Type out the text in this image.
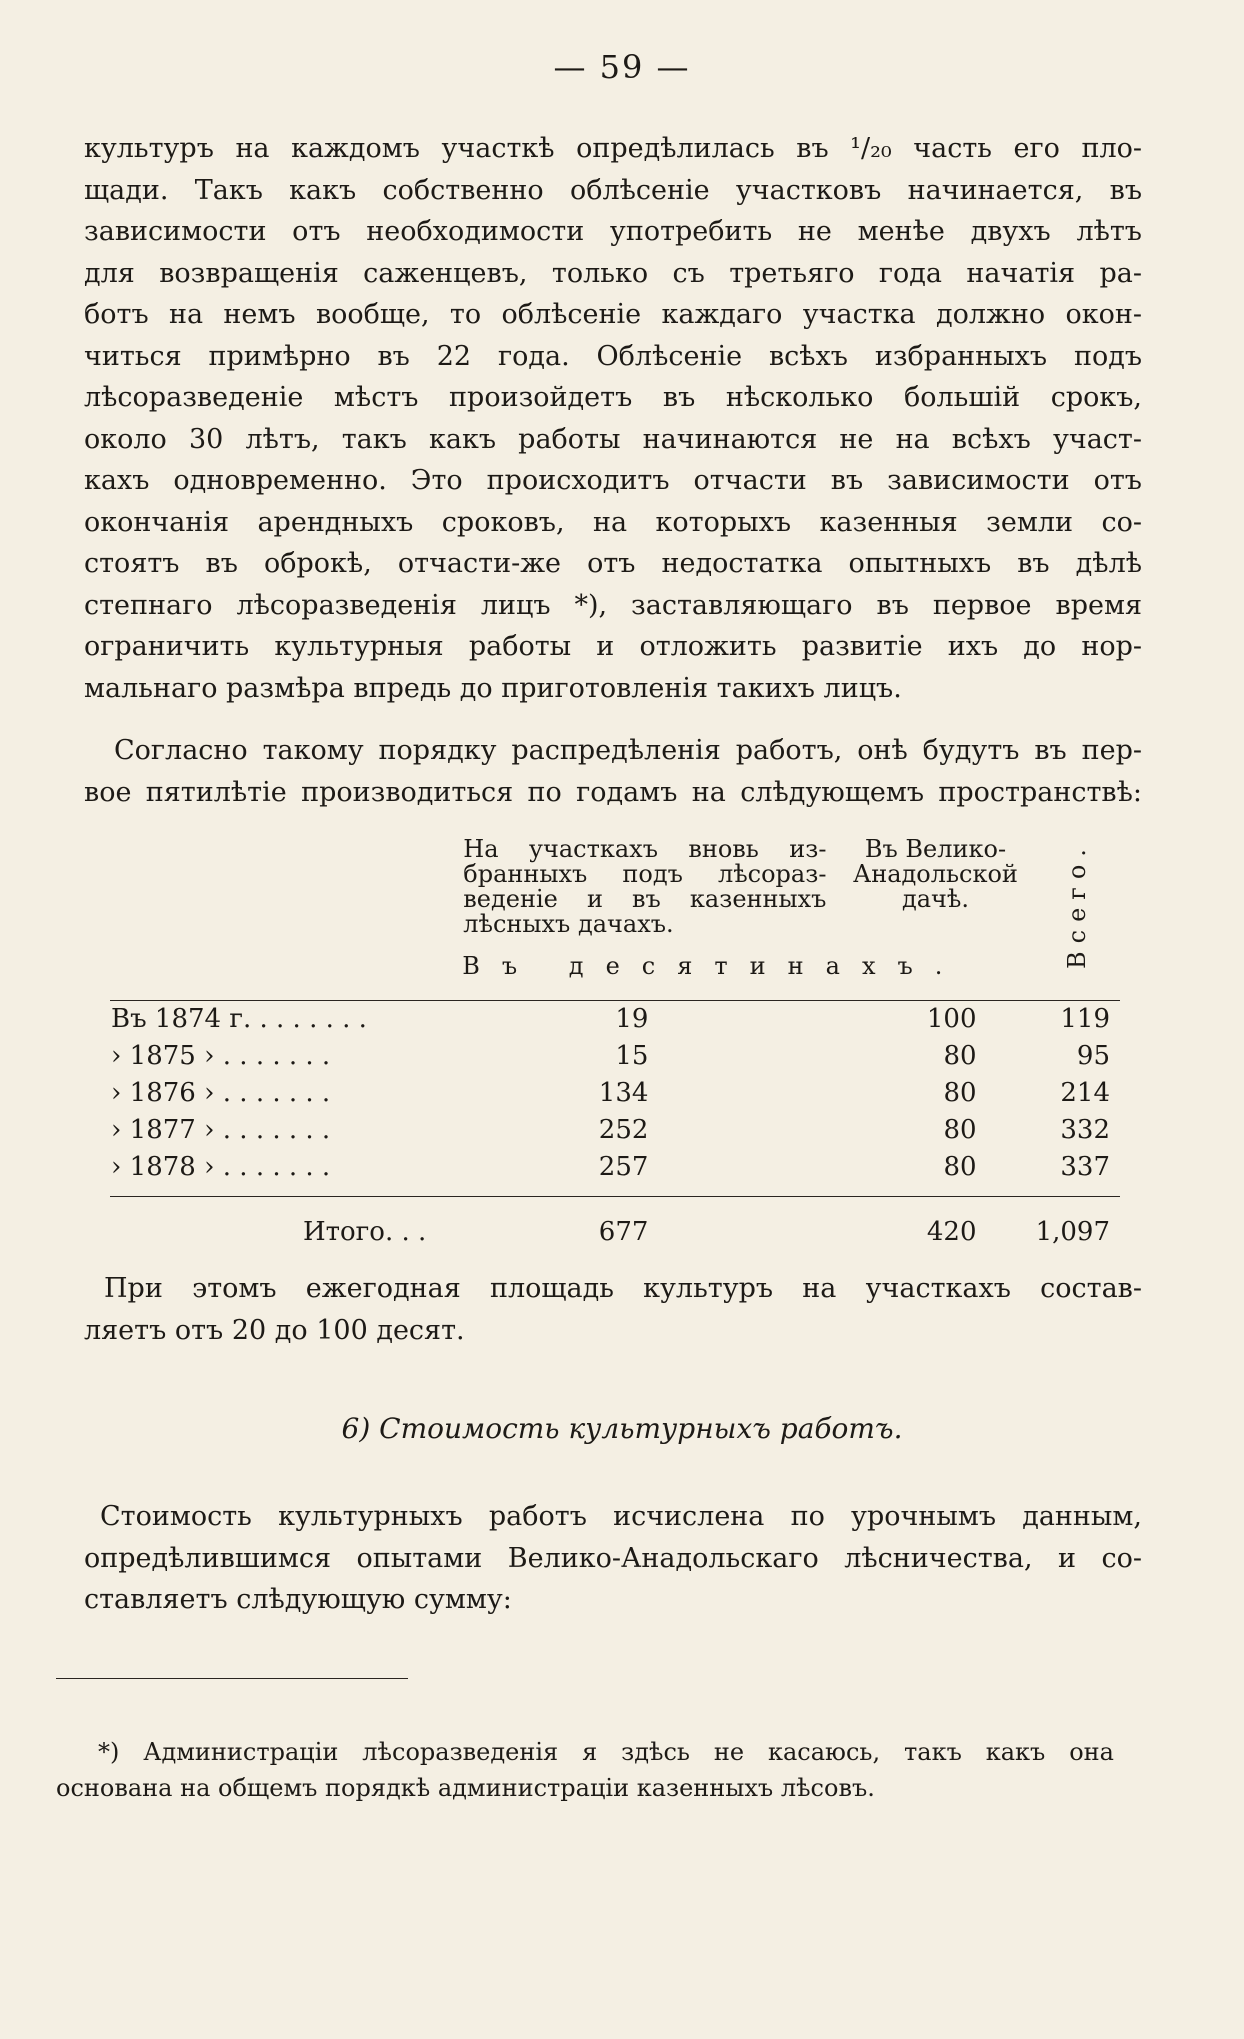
— 59 —
культуръ на каждомъ участкѣ опредѣлилась въ ¹/₂₀ часть его пло-
щади. Такъ какъ собственно облѣсеніе участковъ начинается, въ
зависимости отъ необходимости употребить не менѣе двухъ лѣтъ
для возвращенія саженцевъ, только съ третьяго года начатія ра-
ботъ на немъ вообще, то облѣсеніе каждаго участка должно окон-
читься примѣрно въ 22 года. Облѣсеніе всѣхъ избранныхъ подъ
лѣсоразведеніе мѣстъ произойдетъ въ нѣсколько большій срокъ,
около 30 лѣтъ, такъ какъ работы начинаются не на всѣхъ участ-
кахъ одновременно. Это происходитъ отчасти въ зависимости отъ
окончанія арендныхъ сроковъ, на которыхъ казенныя земли со-
стоятъ въ оброкѣ, отчасти-же отъ недостатка опытныхъ въ дѣлѣ
степнаго лѣсоразведенія лицъ *), заставляющаго въ первое время
ограничить культурныя работы и отложить развитіе ихъ до нор-
мальнаго размѣра впредь до приготовленія такихъ лицъ.
Согласно такому порядку распредѣленія работъ, онѣ будутъ въ пер-
вое пятилѣтіе производиться по годамъ на слѣдующемъ пространствѣ:
	На участкахъ вновь из-бранныхъ подъ лѣсораз-веденіе и въ казенныхъ лѣсныхъ дачахъ.	Въ Велико-Анадольской дачѣ.	Всего.

	Въ десятинахъ.		

Въ 1874 г. . . . . . . .	19	100	119
› 1875 › . . . . . . .	15	80	95
› 1876 › . . . . . . .	134	80	214
› 1877 › . . . . . . .	252	80	332
› 1878 › . . . . . . .	257	80	337

Итого. . .	677	420	1,097
При этомъ ежегодная площадь культуръ на участкахъ состав-
ляетъ отъ 20 до 100 десят.
6) Стоимость культурныхъ работъ.
Стоимость культурныхъ работъ исчислена по урочнымъ данным,
опредѣлившимся опытами Велико-Анадольскаго лѣсничества, и со-
ставляетъ слѣдующую сумму:
*) Администраціи лѣсоразведенія я здѣсь не касаюсь, такъ какъ она
основана на общемъ порядкѣ администраціи казенныхъ лѣсовъ.
